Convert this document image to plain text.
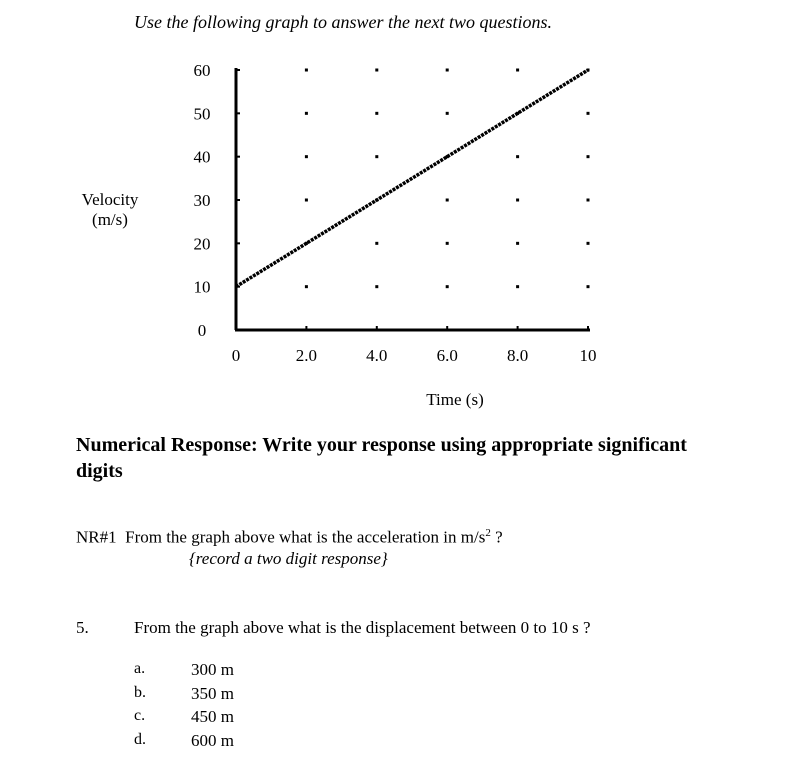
Use the following graph to answer the next two questions.
Velocity
(m/s)
60
50
40
30
20
10
0
0	2.0	4.0	6.0	8.0	10
Time (s)
Numerical Response: Write your response using appropriate significant digits
NR#1 From the graph above what is the acceleration in $m/s^2$ ?
{record a two digit response}
5.	From the graph above what is the displacement between 0 to 10 s ?
a.	300 m
b.	350 m
c.	450 m
d.	600 m
